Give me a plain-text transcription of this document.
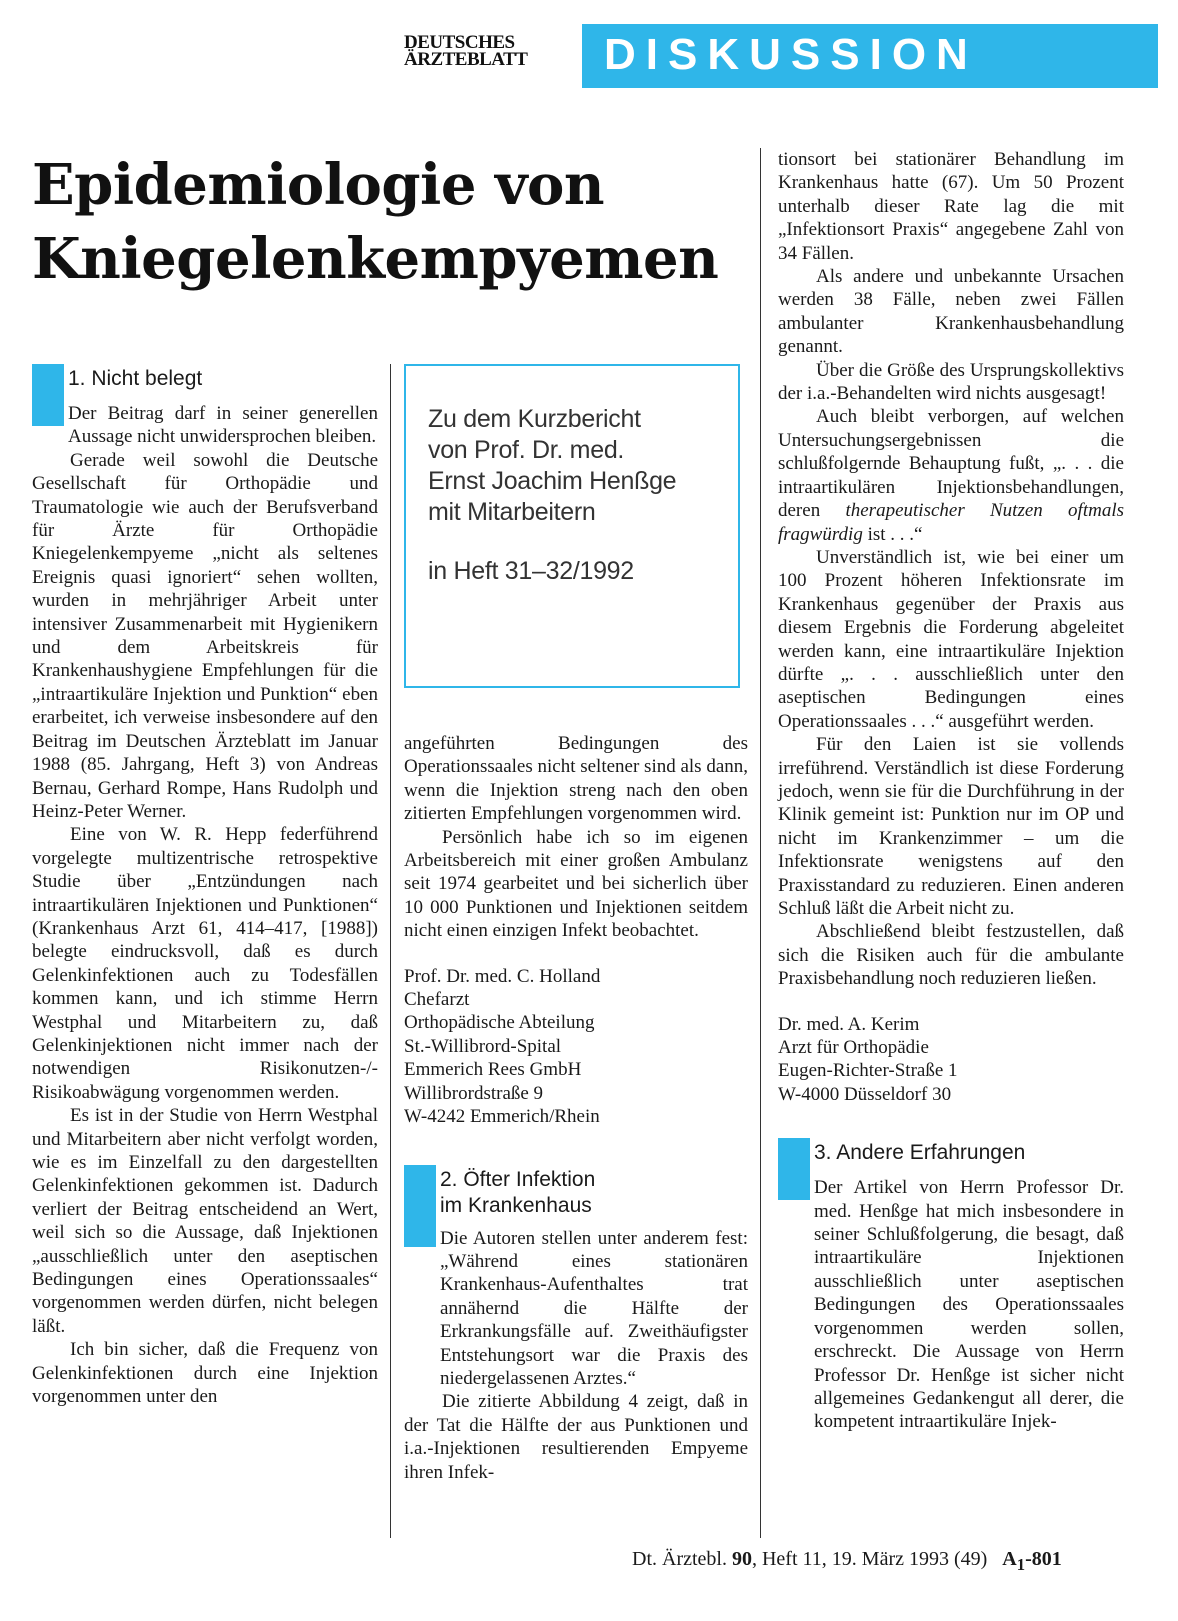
DEUTSCHES
ÄRZTEBLATT DISKUSSION
Epidemiologie von
Kniegelenkempyemen
1. Nicht belegt

Der Beitrag darf in seiner generellen Aussage nicht unwidersprochen bleiben.

Gerade weil sowohl die Deutsche Gesellschaft für Orthopädie und Traumatologie wie auch der Berufsverband für Ärzte für Orthopädie Kniegelenkempyeme „nicht als seltenes Ereignis quasi ignoriert“ sehen wollten, wurden in mehrjähriger Arbeit unter intensiver Zusammenarbeit mit Hygienikern und dem Arbeitskreis für Krankenhaushygiene Empfehlungen für die „intraartikuläre Injektion und Punktion“ eben erarbeitet, ich verweise insbesondere auf den Beitrag im Deutschen Ärzteblatt im Januar 1988 (85. Jahrgang, Heft 3) von Andreas Bernau, Gerhard Rompe, Hans Rudolph und Heinz-Peter Werner.

Eine von W. R. Hepp federführend vorgelegte multizentrische retrospektive Studie über „Entzündungen nach intraartikulären Injektionen und Punktionen“ (Krankenhaus Arzt 61, 414–417, [1988]) belegte eindrucksvoll, daß es durch Gelenkinfektionen auch zu Todesfällen kommen kann, und ich stimme Herrn Westphal und Mitarbeitern zu, daß Gelenkinjektionen nicht immer nach der notwendigen Risikonutzen-/-Risikoabwägung vorgenommen werden.

Es ist in der Studie von Herrn Westphal und Mitarbeitern aber nicht verfolgt worden, wie es im Einzelfall zu den dargestellten Gelenkinfektionen gekommen ist. Dadurch verliert der Beitrag entscheidend an Wert, weil sich so die Aussage, daß Injektionen „ausschließlich unter den aseptischen Bedingungen eines Operationssaales“ vorgenommen werden dürfen, nicht belegen läßt.

Ich bin sicher, daß die Frequenz von Gelenkinfektionen durch eine Injektion vorgenommen unter den

Zu dem Kurzbericht
von Prof. Dr. med.
Ernst Joachim Henßge
mit Mitarbeitern
in Heft 31–32/1992

angeführten Bedingungen des Operationssaales nicht seltener sind als dann, wenn die Injektion streng nach den oben zitierten Empfehlungen vorgenommen wird.

Persönlich habe ich so im eigenen Arbeitsbereich mit einer großen Ambulanz seit 1974 gearbeitet und bei sicherlich über 10 000 Punktionen und Injektionen seitdem nicht einen einzigen Infekt beobachtet.

Prof. Dr. med. C. Holland
Chefarzt
Orthopädische Abteilung
St.-Willibrord-Spital
Emmerich Rees GmbH
Willibrordstraße 9
W-4242 Emmerich/Rhein
2. Öfter Infektion
im Krankenhaus

Die Autoren stellen unter anderem fest: „Während eines stationären Krankenhaus-Aufenthaltes trat annähernd die Hälfte der Erkrankungsfälle auf. Zweithäufigster Entstehungsort war die Praxis des niedergelassenen Arztes.“

Die zitierte Abbildung 4 zeigt, daß in der Tat die Hälfte der aus Punktionen und i.a.-Injektionen resultierenden Empyeme ihren Infek-

tionsort bei stationärer Behandlung im Krankenhaus hatte (67). Um 50 Prozent unterhalb dieser Rate lag die mit „Infektionsort Praxis“ angegebene Zahl von 34 Fällen.

Als andere und unbekannte Ursachen werden 38 Fälle, neben zwei Fällen ambulanter Krankenhausbehandlung genannt.

Über die Größe des Ursprungskollektivs der i.a.-Behandelten wird nichts ausgesagt!

Auch bleibt verborgen, auf welchen Untersuchungsergebnissen die schlußfolgernde Behauptung fußt, „. . . die intraartikulären Injektionsbehandlungen, deren therapeutischer Nutzen oftmals fragwürdig ist . . .“

Unverständlich ist, wie bei einer um 100 Prozent höheren Infektionsrate im Krankenhaus gegenüber der Praxis aus diesem Ergebnis die Forderung abgeleitet werden kann, eine intraartikuläre Injektion dürfte „. . . ausschließlich unter den aseptischen Bedingungen eines Operationssaales . . .“ ausgeführt werden.

Für den Laien ist sie vollends irreführend. Verständlich ist diese Forderung jedoch, wenn sie für die Durchführung in der Klinik gemeint ist: Punktion nur im OP und nicht im Krankenzimmer – um die Infektionsrate wenigstens auf den Praxisstandard zu reduzieren. Einen anderen Schluß läßt die Arbeit nicht zu.

Abschließend bleibt festzustellen, daß sich die Risiken auch für die ambulante Praxisbehandlung noch reduzieren ließen.

Dr. med. A. Kerim
Arzt für Orthopädie
Eugen-Richter-Straße 1
W-4000 Düsseldorf 30
3. Andere Erfahrungen

Der Artikel von Herrn Professor Dr. med. Henßge hat mich insbesondere in seiner Schlußfolgerung, die besagt, daß intraartikuläre Injektionen ausschließlich unter aseptischen Bedingungen des Operationssaales vorgenommen werden sollen, erschreckt. Die Aussage von Herrn Professor Dr. Henßge ist sicher nicht allgemeines Gedankengut all derer, die kompetent intraartikuläre Injek-

Dt. Ärztebl. 90, Heft 11, 19. März 1993 (49) $A_1-801$
